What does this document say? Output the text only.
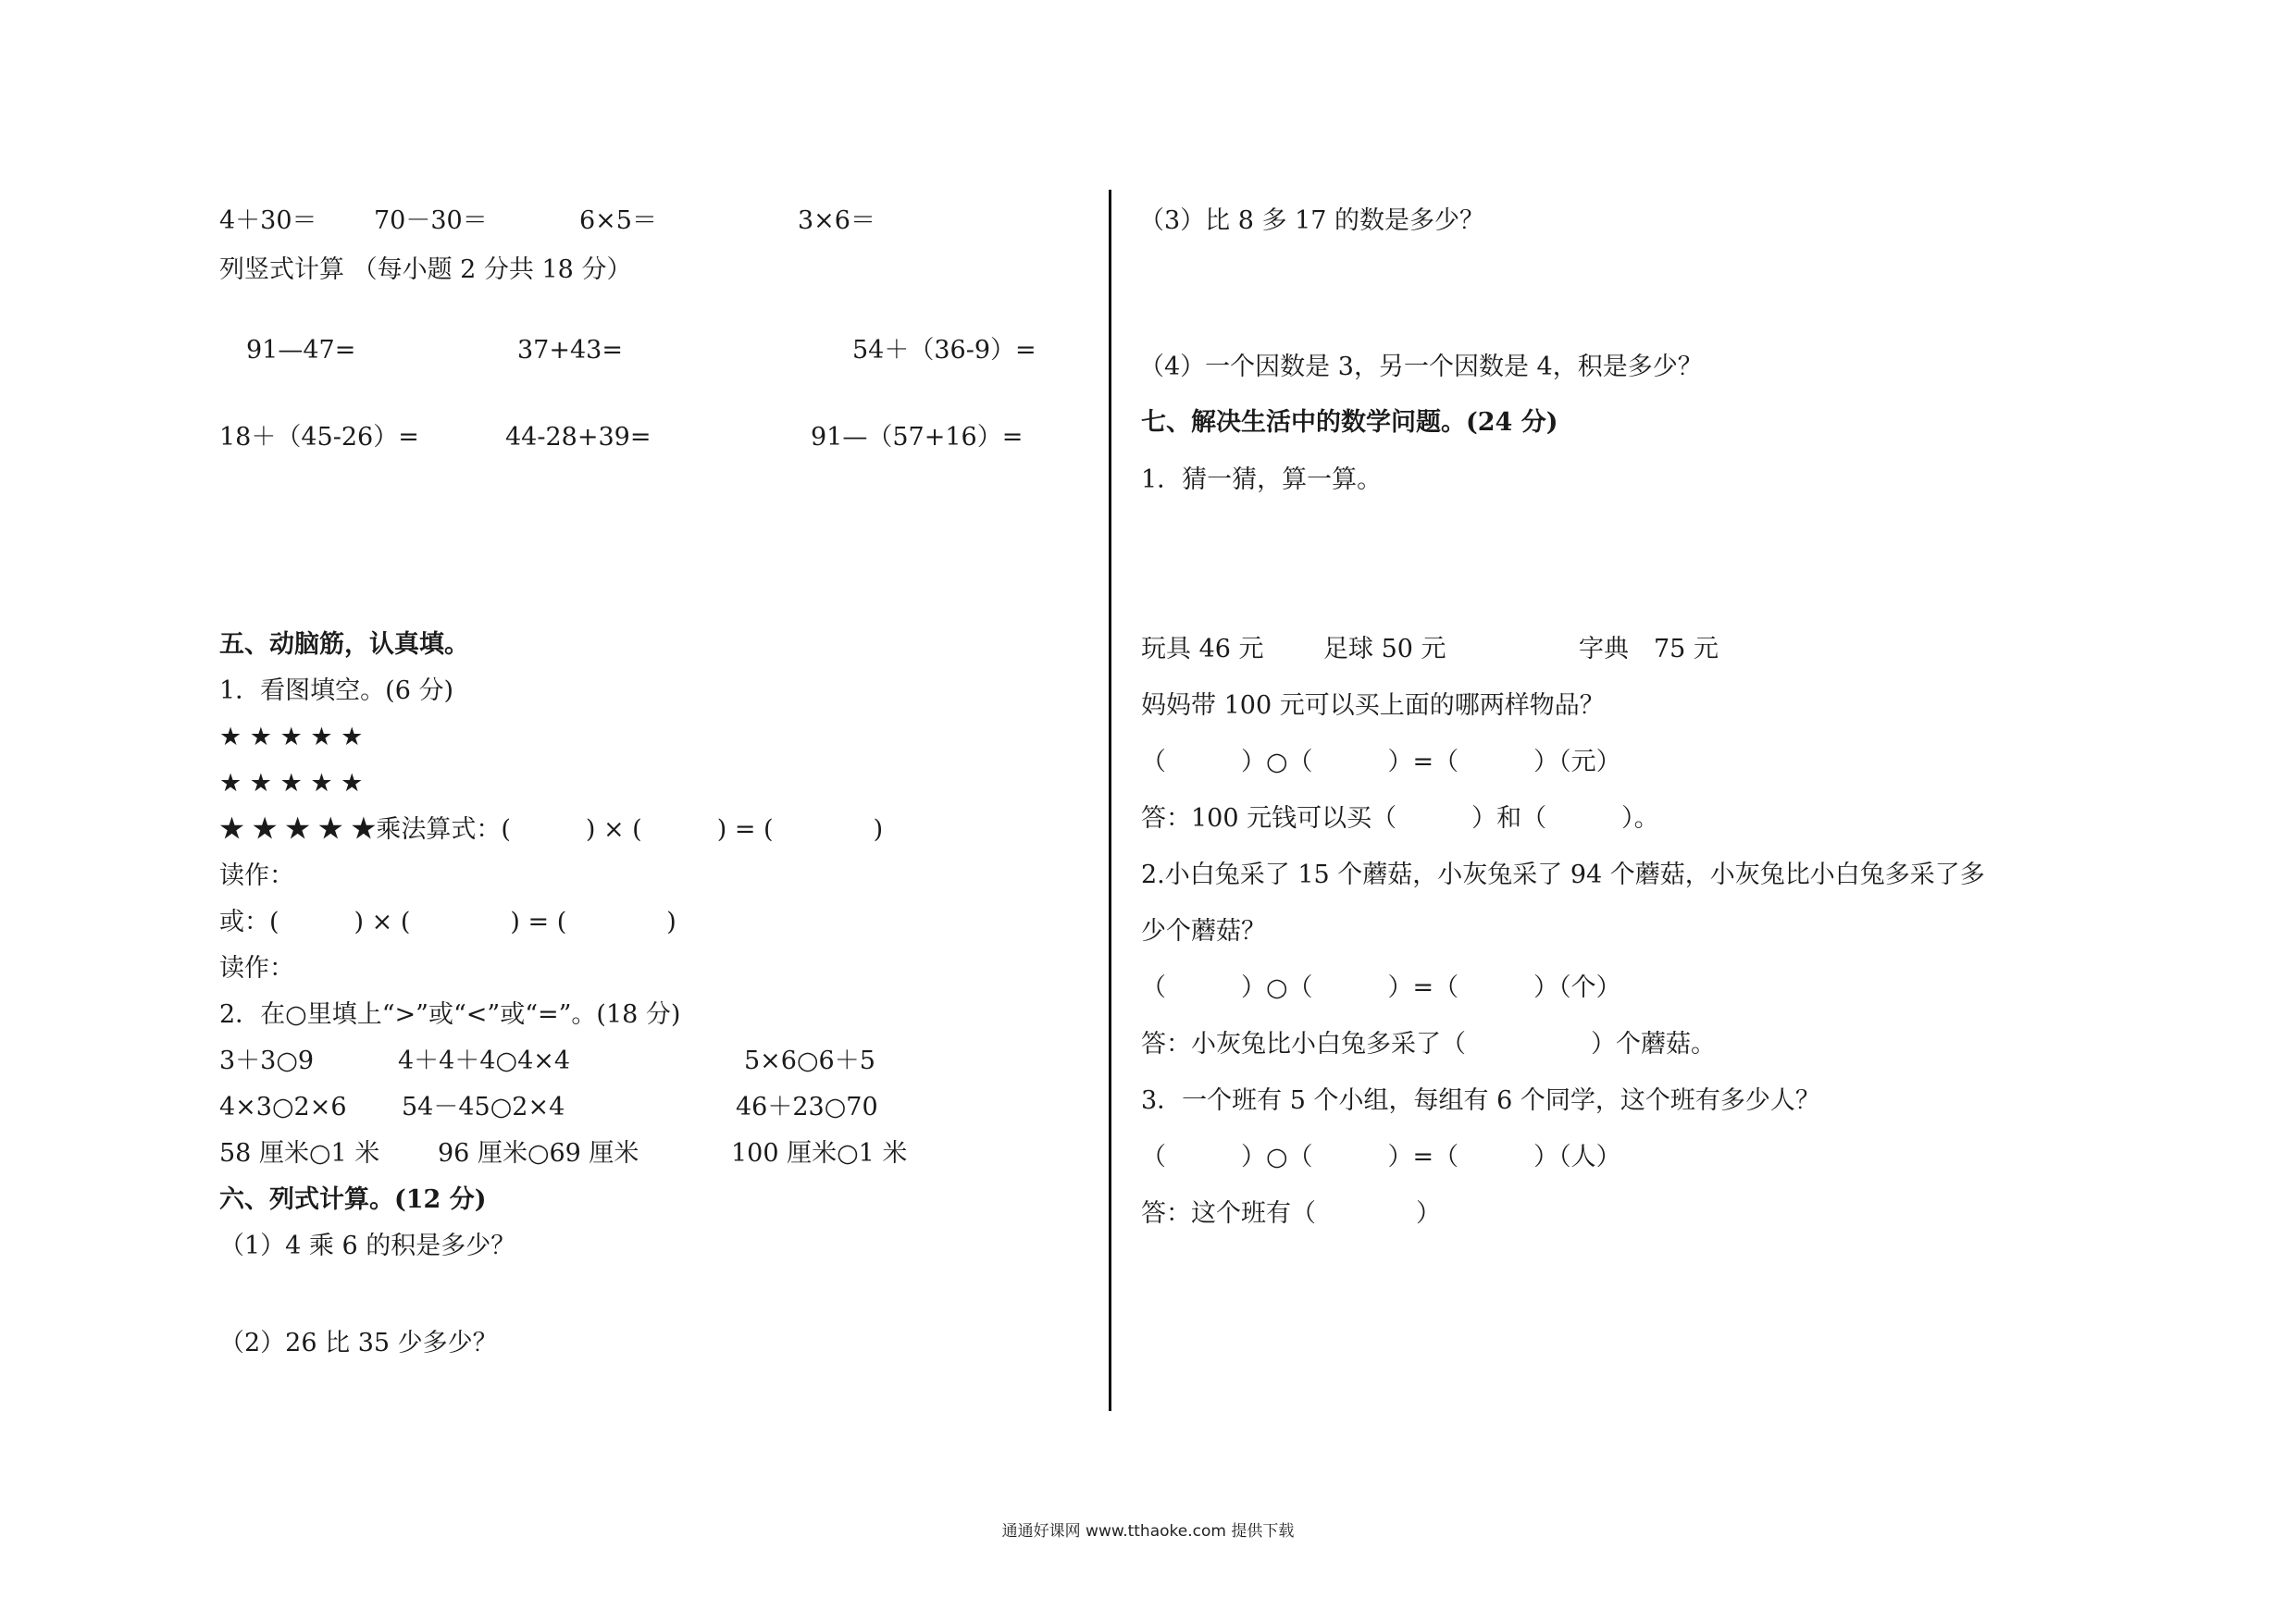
4＋30＝ 70－30＝	6×5＝	3×6＝
列竖式计算 （每小题 2 分共 18 分）
91—47=	37+43=	54＋（36-9）=
18＋（45-26）=	44-28+39=	91—（57+16）=
五、动脑筋，认真填。
1．看图填空。(6 分)
★ ★ ★ ★ ★
★ ★ ★ ★ ★
★ ★ ★ ★ ★乘法算式：(　　　) × (　　　) = (　　　　)
读作：
或：(　　　) × (　　　　) = (　　　　)
读作：
2．在○里填上“>”或“<”或“=”。(18 分)
3＋3○9	4＋4＋4○4×4	5×6○6＋5
4×3○2×6 54－45○2×4	46＋23○70
58 厘米○1 米 96 厘米○69 厘米	100 厘米○1 米
六、列式计算。(12 分)
（1）4 乘 6 的积是多少？
（2）26 比 35 少多少？
（3）比 8 多 17 的数是多少？
（4）一个因数是 3，另一个因数是 4，积是多少？
七、解决生活中的数学问题。(24 分)
1．猜一猜，算一算。
玩具 46 元 足球 50 元	字典　75 元
妈妈带 100 元可以买上面的哪两样物品？
（　　　）○（　　　）=（　　　）（元）
答：100 元钱可以买（　　　）和（　　　）。
2.小白兔采了 15 个蘑菇，小灰兔采了 94 个蘑菇，小灰兔比小白兔多采了多
少个蘑菇？
（　　　）○（　　　）=（　　　）（个）
答：小灰兔比小白兔多采了（　　　　　）个蘑菇。
3．一个班有 5 个小组，每组有 6 个同学，这个班有多少人？
（　　　）○（　　　）=（　　　）（人）
答：这个班有（　　　　）
通通好课网 www.tthaoke.com 提供下载
